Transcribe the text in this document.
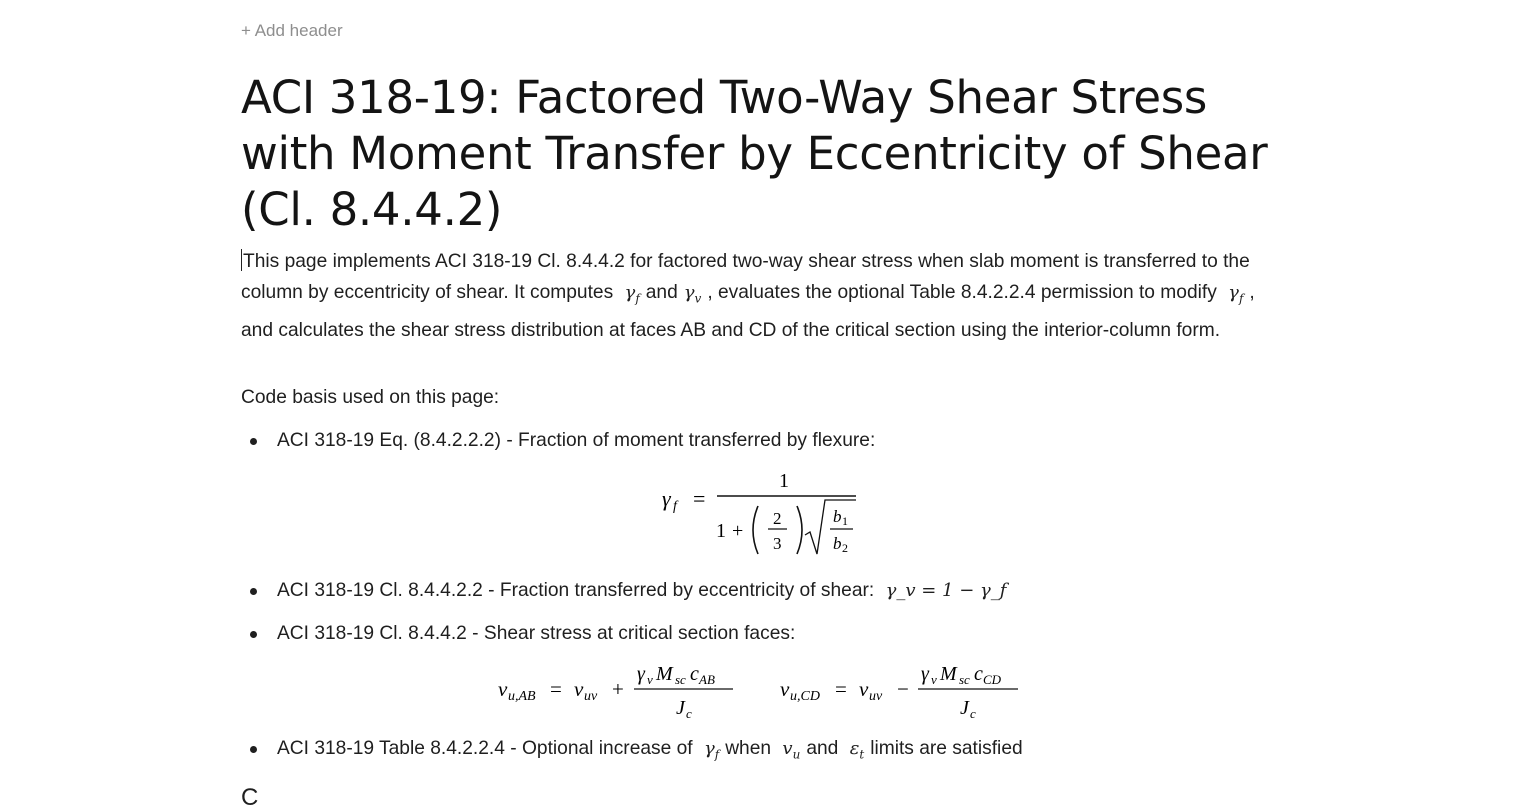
+ Add header
ACI 318-19: Factored Two-Way Shear Stress with Moment Transfer by Eccentricity of Shear (Cl. 8.4.4.2)

This page implements ACI 318-19 Cl. 8.4.4.2 for factored two-way shear stress when slab moment is transferred to the column by eccentricity of shear. It computes $\gamma_f$ and $\gamma_v$ , evaluates the optional Table 8.4.2.2.4 permission to modify $\gamma_f$ , and calculates the shear stress distribution at faces AB and CD of the critical section using the interior-column form.

Code basis used on this page:

ACI 318-19 Eq. (8.4.2.2.2) - Fraction of moment transferred by flexure:
γ f =
1
1 +
2
3
b 1
b 2
ACI 318-19 Cl. 8.4.4.2.2 - Fraction transferred by eccentricity of shear: γ_v = 1 − γ_f
ACI 318-19 Cl. 8.4.4.2 - Shear stress at critical section faces:
v u,AB = v uv +
γ v M sc c AB
J c
v u,CD = v uv −
γ v M sc c CD
J c
ACI 318-19 Table 8.4.2.2.4 - Optional increase of $\gamma_f$ when $v_u$ and $\varepsilon_t$ limits are satisfied
C
